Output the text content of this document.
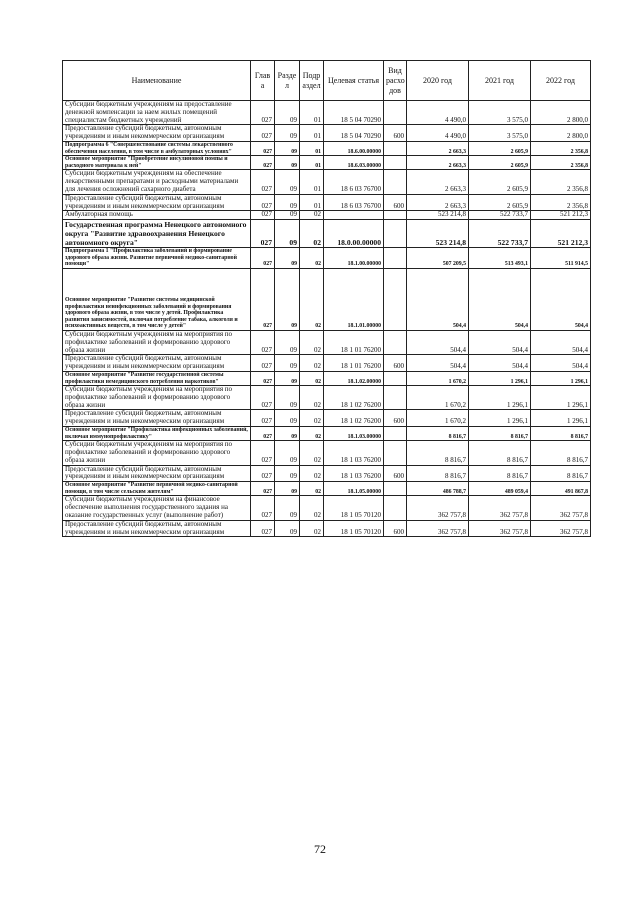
Наименование	Глав а	Разде л	Подр аздел	Целевая статья	Вид расхо дов	2020 год	2021 год	2022 год
Субсидии бюджетным учреждениям на предоставление денежной компенсации за наем жилых помещений специалистам бюджетных учреждений	027	09	01	18 5 04 70290		4 490,0	3 575,0	2 800,0
Предоставление субсидий бюджетным, автономным учреждениям и иным некоммерческим организациям	027	09	01	18 5 04 70290	600	4 490,0	3 575,0	2 800,0
Подпрограмма 6 "Совершенствование системы лекарственного обеспечения населения, в том числе в амбулаторных условиях"	027	09	01	18.6.00.00000		2 663,3	2 605,9	2 356,8
Основное мероприятие "Приобретение инсулиновой помпы и расходного материала к ней"	027	09	01	18.6.03.00000		2 663,3	2 605,9	2 356,8
Субсидии бюджетным учреждениям на обеспечение лекарственными препаратами и расходными материалами для лечения осложнений сахарного диабета	027	09	01	18 6 03 76700		2 663,3	2 605,9	2 356,8
Предоставление субсидий бюджетным, автономным учреждениям и иным некоммерческим организациям	027	09	01	18 6 03 76700	600	2 663,3	2 605,9	2 356,8
Амбулаторная помощь	027	09	02			523 214,8	522 733,7	521 212,3
Государственная программа Ненецкого автономного округа "Развитие здравоохранения Ненецкого автономного округа"	027	09	02	18.0.00.00000		523 214,8	522 733,7	521 212,3
Подпрограмма 1 "Профилактика заболеваний и формирование здорового образа жизни. Развитие первичной медико-санитарной помощи"	027	09	02	18.1.00.00000		507 209,5	513 493,1	511 914,5
Основное мероприятие "Развитие системы медицинской профилактики неинфекционных заболеваний и формирования здорового образа жизни, в том числе у детей. Профилактика развития зависимостей, включая потребление табака, алкоголя и психоактивных веществ, в том числе у детей"	027	09	02	18.1.01.00000		504,4	504,4	504,4
Субсидии бюджетным учреждениям на мероприятия по профилактике заболеваний и формированию здорового образа жизни	027	09	02	18 1 01 76200		504,4	504,4	504,4
Предоставление субсидий бюджетным, автономным учреждениям и иным некоммерческим организациям	027	09	02	18 1 01 76200	600	504,4	504,4	504,4
Основное мероприятие "Развитие государственной системы профилактики немедицинского потребления наркотиков"	027	09	02	18.1.02.00000		1 670,2	1 296,1	1 296,1
Субсидии бюджетным учреждениям на мероприятия по профилактике заболеваний и формированию здорового образа жизни	027	09	02	18 1 02 76200		1 670,2	1 296,1	1 296,1
Предоставление субсидий бюджетным, автономным учреждениям и иным некоммерческим организациям	027	09	02	18 1 02 76200	600	1 670,2	1 296,1	1 296,1
Основное мероприятие "Профилактика инфекционных заболеваний, включая иммунопрофилактику"	027	09	02	18.1.03.00000		8 816,7	8 816,7	8 816,7
Субсидии бюджетным учреждениям на мероприятия по профилактике заболеваний и формированию здорового образа жизни	027	09	02	18 1 03 76200		8 816,7	8 816,7	8 816,7
Предоставление субсидий бюджетным, автономным учреждениям и иным некоммерческим организациям	027	09	02	18 1 03 76200	600	8 816,7	8 816,7	8 816,7
Основное мероприятие "Развитие первичной медико-санитарной помощи, в том числе сельским жителям"	027	09	02	18.1.05.00000		486 788,7	489 059,4	491 867,8
Субсидии бюджетным учреждениям на финансовое обеспечение выполнения государственного задания на оказание государственных услуг (выполнение работ)	027	09	02	18 1 05 70120		362 757,8	362 757,8	362 757,8
Предоставление субсидий бюджетным, автономным учреждениям и иным некоммерческим организациям	027	09	02	18 1 05 70120	600	362 757,8	362 757,8	362 757,8
72
